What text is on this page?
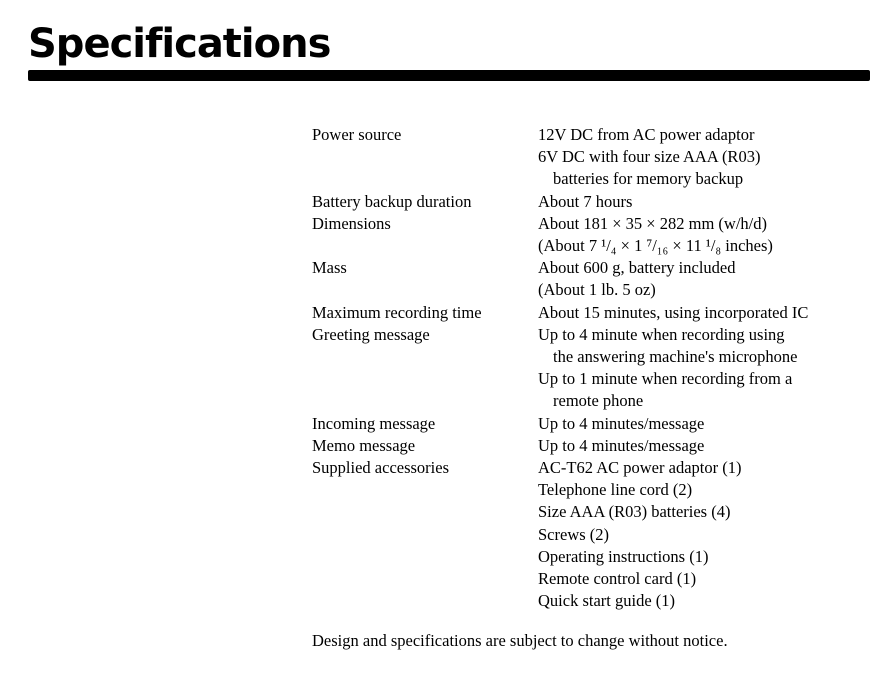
Specifications
Power source	12V DC from AC power adaptor
6V DC with four size AAA (R03)
batteries for memory backup
Battery backup duration	About 7 hours
Dimensions	About 181 × 35 × 282 mm (w/h/d)
(About 7 ¹/₄ × 1 ⁷/₁₆ × 11 ¹/₈ inches)
Mass	About 600 g, battery included
(About 1 lb. 5 oz)
Maximum recording time	About 15 minutes, using incorporated IC
Greeting message	Up to 4 minute when recording using
the answering machine's microphone
Up to 1 minute when recording from a
remote phone
Incoming message	Up to 4 minutes/message
Memo message	Up to 4 minutes/message
Supplied accessories	AC-T62 AC power adaptor (1)
Telephone line cord (2)
Size AAA (R03) batteries (4)
Screws (2)
Operating instructions (1)
Remote control card (1)
Quick start guide (1)
Design and specifications are subject to change without notice.
